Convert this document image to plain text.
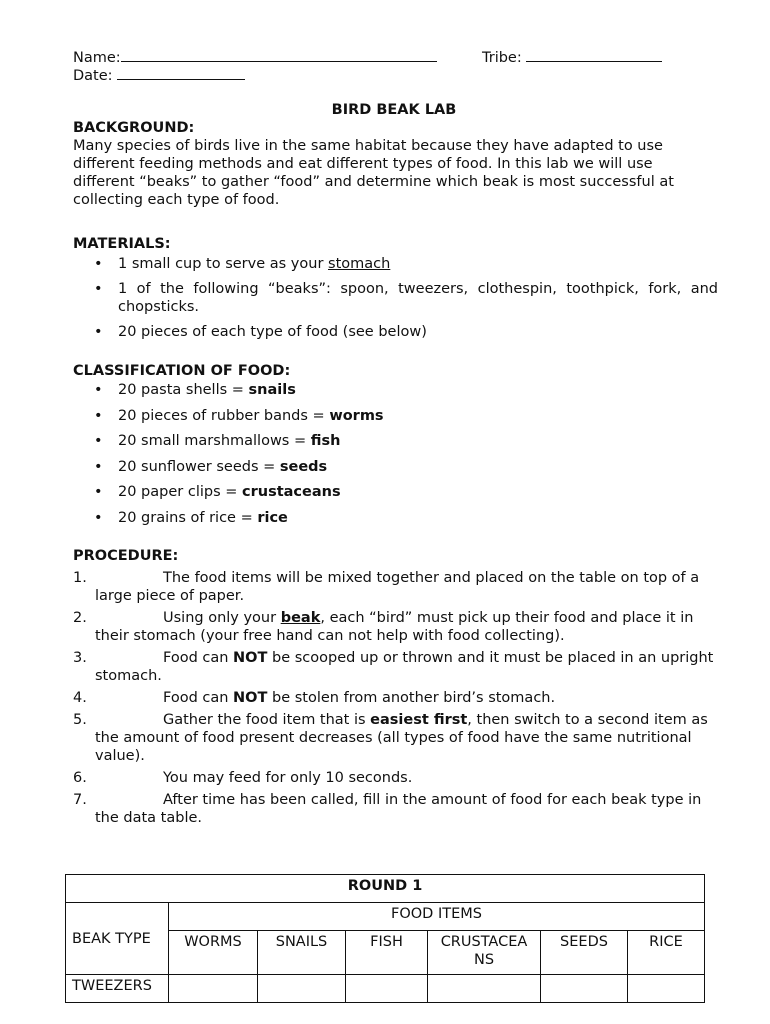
Name:	Tribe:
Date:
BIRD BEAK LAB
BACKGROUND:
Many species of birds live in the same habitat because they have adapted to use different feeding methods and eat different types of food. In this lab we will use different “beaks” to gather “food” and determine which beak is most successful at collecting each type of food.
MATERIALS:
• 1 small cup to serve as your stomach
• 1 of the following “beaks”: spoon, tweezers, clothespin, toothpick, fork, and chopsticks.
• 20 pieces of each type of food (see below)
CLASSIFICATION OF FOOD:
• 20 pasta shells = snails
• 20 pieces of rubber bands = worms
• 20 small marshmallows = fish
• 20 sunflower seeds = seeds
• 20 paper clips = crustaceans
• 20 grains of rice = rice
PROCEDURE:
1.	The food items will be mixed together and placed on the table on top of a large piece of paper.
2.	Using only your beak, each “bird” must pick up their food and place it in their stomach (your free hand can not help with food collecting).
3.	Food can NOT be scooped up or thrown and it must be placed in an upright stomach.
4.	Food can NOT be stolen from another bird’s stomach.
5.	Gather the food item that is easiest first, then switch to a second item as the amount of food present decreases (all types of food have the same nutritional value).
6.	You may feed for only 10 seconds.
7.	After time has been called, fill in the amount of food for each beak type in the data table.
ROUND 1						
BEAK TYPE	FOOD ITEMS					
	WORMS	SNAILS	FISH	CRUSTACEA NS	SEEDS	RICE
TWEEZERS						
